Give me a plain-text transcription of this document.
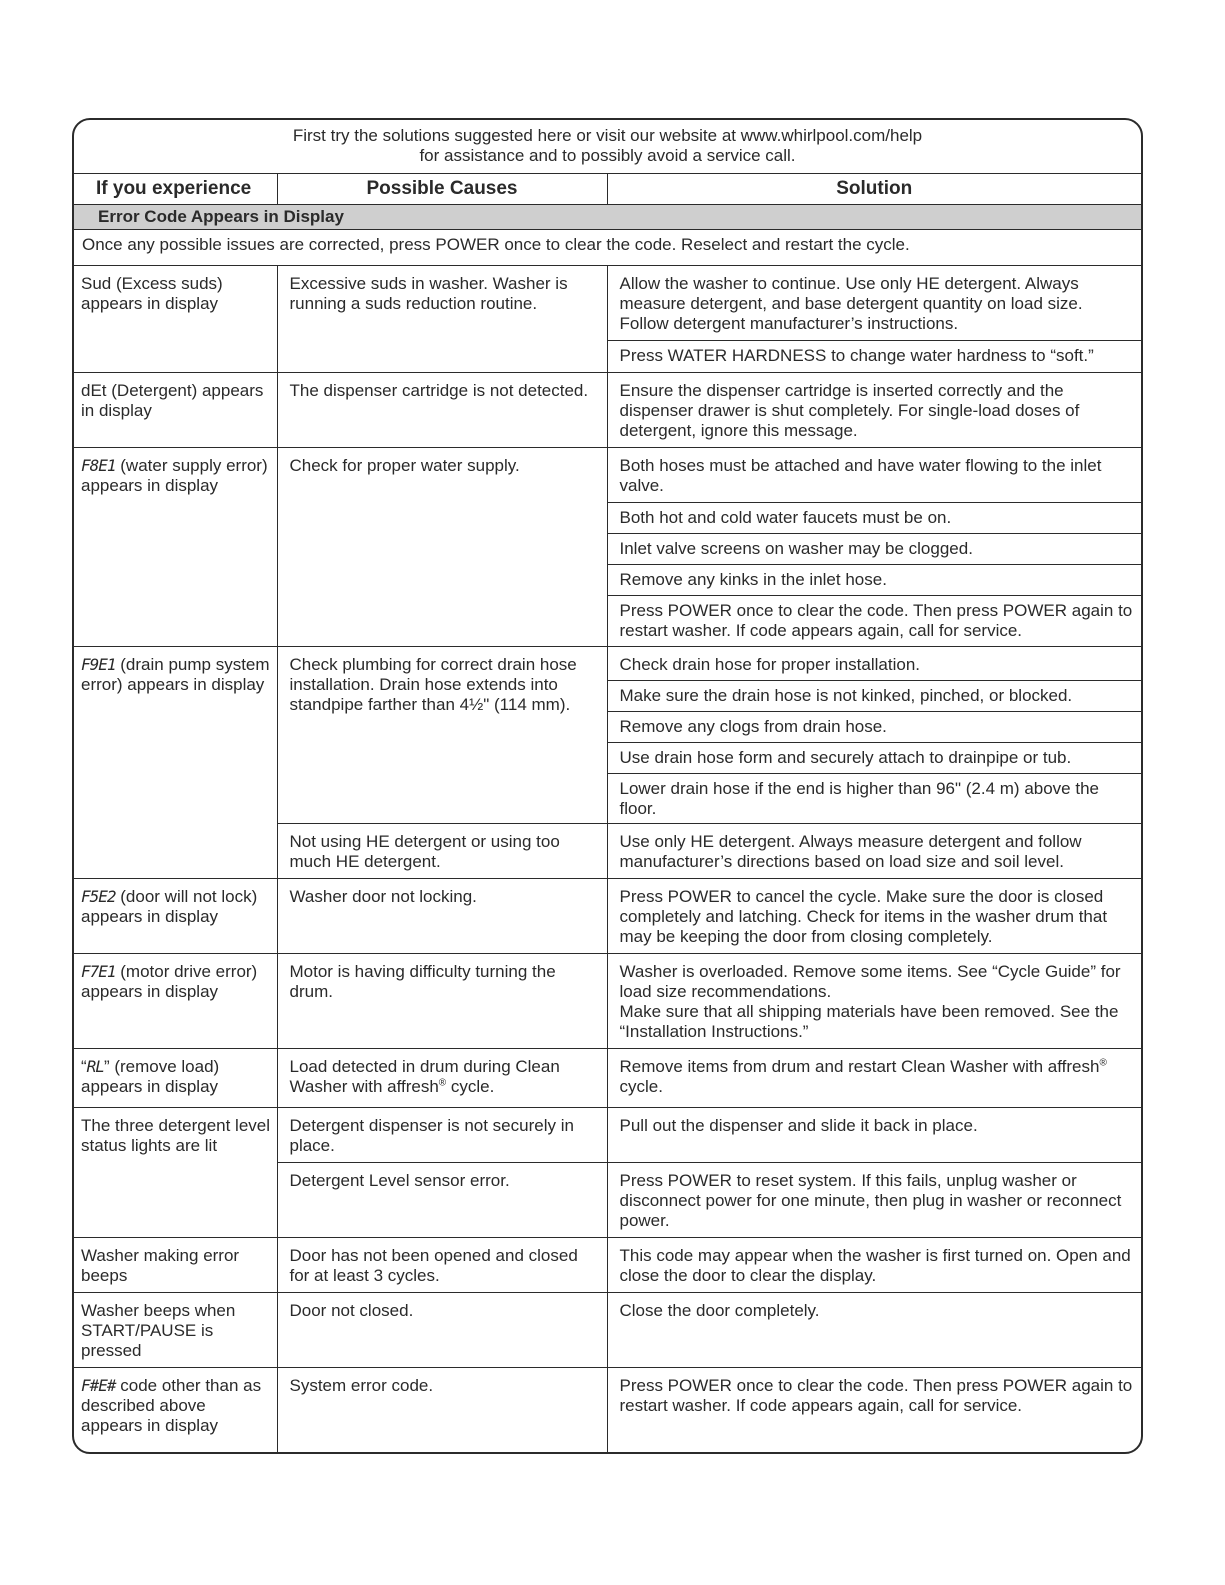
First try the solutions suggested here or visit our website at www.whirlpool.com/help
for assistance and to possibly avoid a service call.
If you experience	Possible Causes	Solution
Error Code Appears in Display		
Once any possible issues are corrected, press POWER once to clear the code. Reselect and restart the cycle.		
Sud (Excess suds) appears in display	Excessive suds in washer. Washer is running a suds reduction routine.	Allow the washer to continue. Use only HE detergent. Always measure detergent, and base detergent quantity on load size. Follow detergent manufacturer’s instructions.
		Press WATER HARDNESS to change water hardness to “soft.”
dEt (Detergent) appears in display	The dispenser cartridge is not detected.	Ensure the dispenser cartridge is inserted correctly and the dispenser drawer is shut completely. For single-load doses of detergent, ignore this message.
F8E1 (water supply error) appears in display	Check for proper water supply.	Both hoses must be attached and have water flowing to the inlet valve.
		Both hot and cold water faucets must be on.
		Inlet valve screens on washer may be clogged.
		Remove any kinks in the inlet hose.
		Press POWER once to clear the code. Then press POWER again to restart washer. If code appears again, call for service.
F9E1 (drain pump system error) appears in display	Check plumbing for correct drain hose installation. Drain hose extends into standpipe farther than 4½" (114 mm).	Check drain hose for proper installation.
		Make sure the drain hose is not kinked, pinched, or blocked.
		Remove any clogs from drain hose.
		Use drain hose form and securely attach to drainpipe or tub.
		Lower drain hose if the end is higher than 96" (2.4 m) above the floor.
	Not using HE detergent or using too much HE detergent.	Use only HE detergent. Always measure detergent and follow manufacturer’s directions based on load size and soil level.
F5E2 (door will not lock) appears in display	Washer door not locking.	Press POWER to cancel the cycle. Make sure the door is closed completely and latching. Check for items in the washer drum that may be keeping the door from closing completely.
F7E1 (motor drive error) appears in display	Motor is having difficulty turning the drum.	Washer is overloaded. Remove some items. See “Cycle Guide” for load size recommendations.
Make sure that all shipping materials have been removed. See the “Installation Instructions.”

“RL” (remove load) appears in display	Load detected in drum during Clean Washer with affresh® cycle.	Remove items from drum and restart Clean Washer with affresh® cycle.
The three detergent level status lights are lit	Detergent dispenser is not securely in place.	Pull out the dispenser and slide it back in place.
	Detergent Level sensor error.	Press POWER to reset system. If this fails, unplug washer or disconnect power for one minute, then plug in washer or reconnect power.
Washer making error beeps	Door has not been opened and closed for at least 3 cycles.	This code may appear when the washer is first turned on. Open and close the door to clear the display.
Washer beeps when START/PAUSE is pressed	Door not closed.	Close the door completely.
F#E# code other than as described above appears in display	System error code.	Press POWER once to clear the code. Then press POWER again to restart washer. If code appears again, call for service.
